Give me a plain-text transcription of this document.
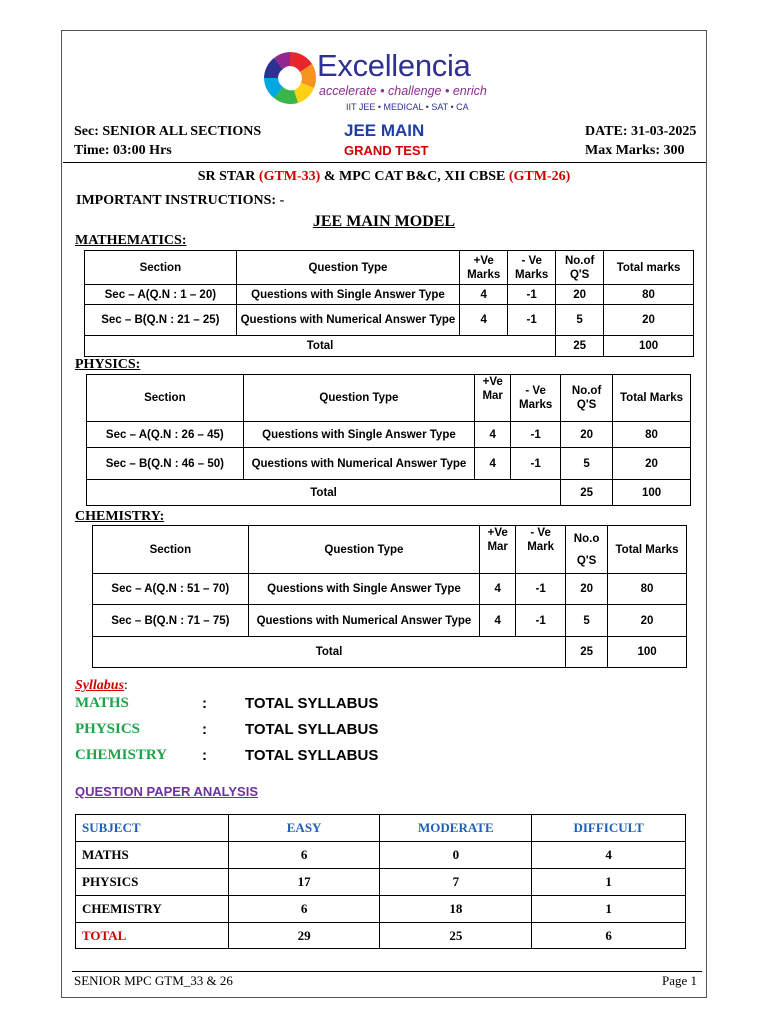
Excellencia
accelerate • challenge • enrich
IIT JEE • MEDICAL • SAT • CA
Sec: SENIOR ALL SECTIONS
Time: 03:00 Hrs
JEE MAIN
GRAND TEST
DATE: 31-03-2025
Max Marks: 300
SR STAR (GTM-33) & MPC CAT B&C, XII CBSE (GTM-26)
IMPORTANT INSTRUCTIONS: -
JEE MAIN MODEL
MATHEMATICS:
Section	Question Type	+Ve Marks	- Ve Marks	No.of Q'S	Total marks
Sec – A(Q.N : 1 – 20)	Questions with Single Answer Type	4	-1	20	80
Sec – B(Q.N : 21 – 25)	Questions with Numerical Answer Type	4	-1	5	20
Total				25	100
PHYSICS:
Section	Question Type	+Ve Mar	- Ve Marks	No.of Q'S	Total Marks
Sec – A(Q.N : 26 – 45)	Questions with Single Answer Type	4	-1	20	80
Sec – B(Q.N : 46 – 50)	Questions with Numerical Answer Type	4	-1	5	20
Total				25	100
CHEMISTRY:
Section	Question Type	+Ve Mar	- Ve Mark	No.o Q'S	Total Marks
Sec – A(Q.N : 51 – 70)	Questions with Single Answer Type	4	-1	20	80
Sec – B(Q.N : 71 – 75)	Questions with Numerical Answer Type	4	-1	5	20
Total				25	100
Syllabus:
MATHS	:	TOTAL SYLLABUS
PHYSICS	:	TOTAL SYLLABUS
CHEMISTRY :	TOTAL SYLLABUS
QUESTION PAPER ANALYSIS
SUBJECT	EASY	MODERATE	DIFFICULT
MATHS	6	0	4
PHYSICS	17	7	1
CHEMISTRY	6	18	1
TOTAL	29	25	6
SENIOR MPC GTM_33 & 26	Page 1
